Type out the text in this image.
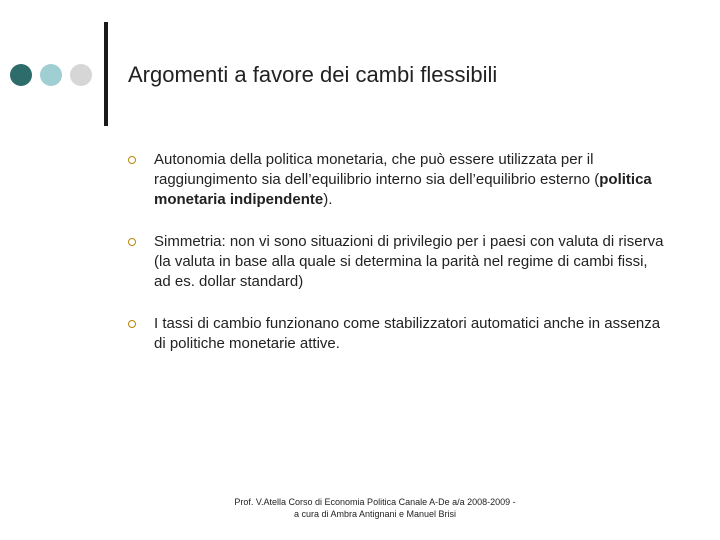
Argomenti a favore dei cambi flessibili
Autonomia della politica monetaria, che può essere utilizzata per il raggiungimento sia dell’equilibrio interno sia dell’equilibrio esterno (politica monetaria indipendente).
Simmetria: non vi sono situazioni di privilegio per i paesi con valuta di riserva (la valuta in base alla quale si determina la parità nel regime di cambi fissi, ad es. dollar standard)
I tassi di cambio funzionano come stabilizzatori automatici anche in assenza di politiche monetarie attive.
Prof. V.Atella Corso di Economia Politica Canale A-De a/a 2008-2009 -
a cura di Ambra Antignani e Manuel Brisi
